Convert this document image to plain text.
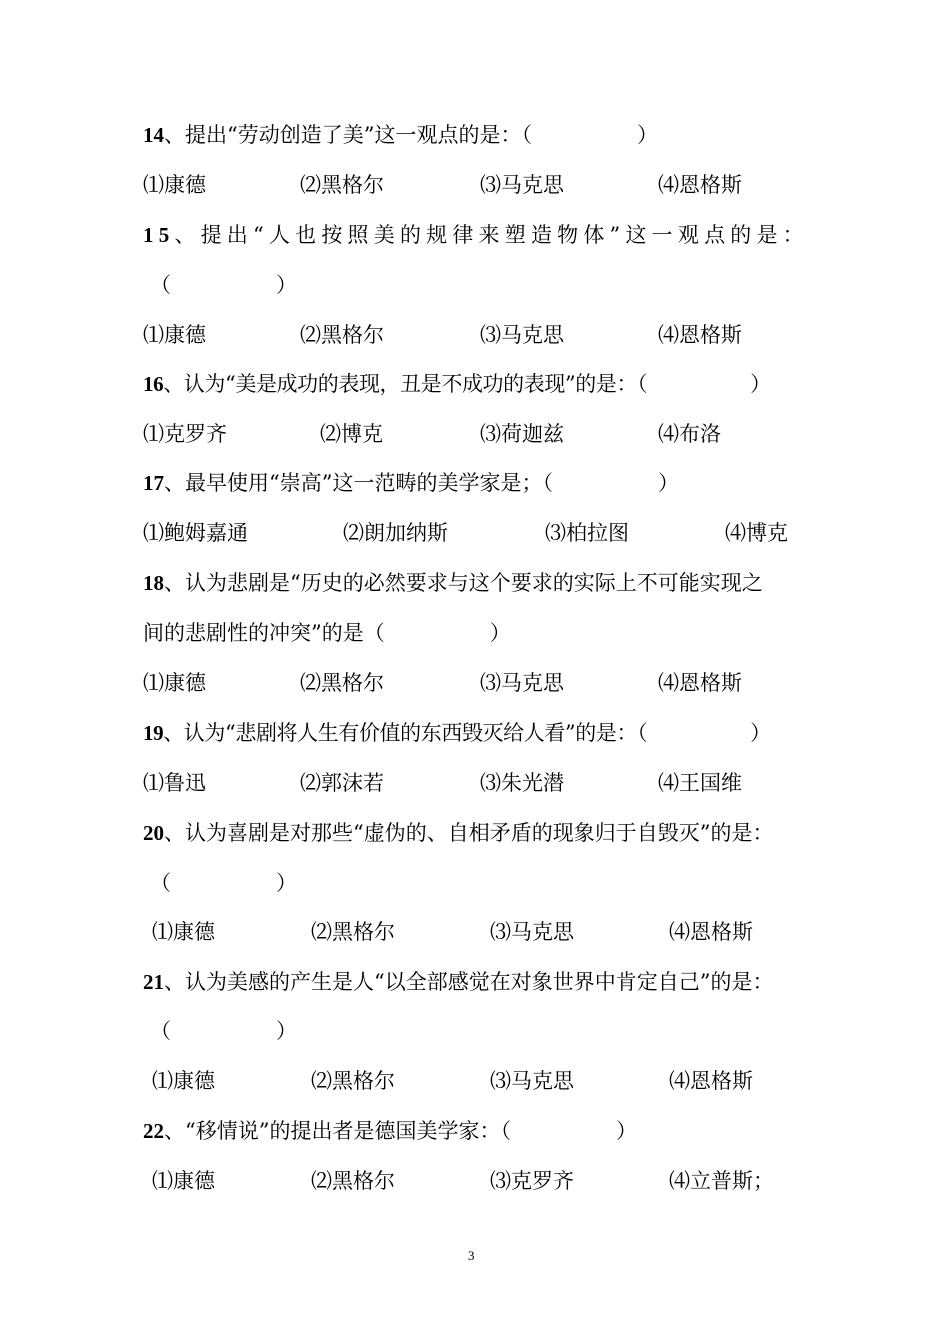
14、提出“劳动创造了美”这一观点的是：（　　　　　）
⑴康德	⑵黑格尔	⑶马克思	⑷恩格斯
15、提出“人也按照美的规律来塑造物体”这一观点的是：
（　　　　　）
⑴康德	⑵黑格尔	⑶马克思	⑷恩格斯
16、认为“美是成功的表现，丑是不成功的表现”的是：（　　　　　）
⑴克罗齐	⑵博克	⑶荷迦兹	⑷布洛
17、最早使用“崇高”这一范畴的美学家是；（　　　　　）
⑴鲍姆嘉通	⑵朗加纳斯	⑶柏拉图	⑷博克
18、认为悲剧是“历史的必然要求与这个要求的实际上不可能实现之
间的悲剧性的冲突”的是（　　　　　）
⑴康德	⑵黑格尔	⑶马克思	⑷恩格斯
19、认为“悲剧将人生有价值的东西毁灭给人看”的是：（　　　　　）
⑴鲁迅	⑵郭沫若	⑶朱光潜	⑷王国维
20、认为喜剧是对那些“虚伪的、自相矛盾的现象归于自毁灭”的是：
（　　　　　）
⑴康德	⑵黑格尔	⑶马克思	⑷恩格斯
21、认为美感的产生是人“以全部感觉在对象世界中肯定自己”的是：
（　　　　　）
⑴康德	⑵黑格尔	⑶马克思	⑷恩格斯
22、“移情说”的提出者是德国美学家：（　　　　　）
⑴康德	⑵黑格尔	⑶克罗齐	⑷立普斯；
3
